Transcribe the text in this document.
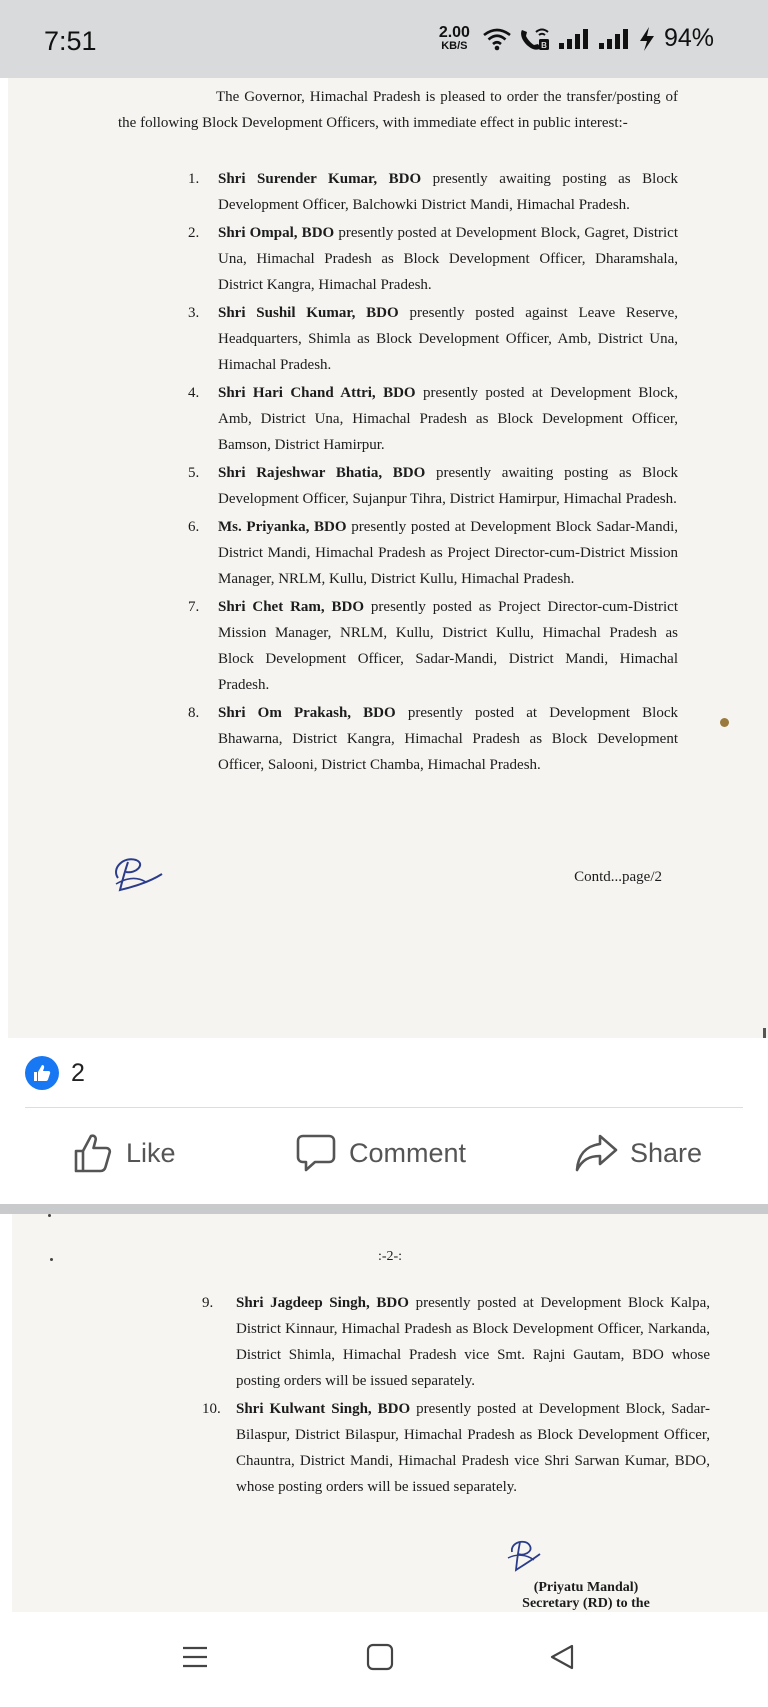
7:51	2.00
KB/S	B	94%
The Governor, Himachal Pradesh is pleased to order the transfer/posting of the following Block Development Officers, with immediate effect in public interest:-
1. Shri Surender Kumar, BDO presently awaiting posting as Block Development Officer, Balchowki District Mandi, Himachal Pradesh.
2. Shri Ompal, BDO presently posted at Development Block, Gagret, District Una, Himachal Pradesh as Block Development Officer, Dharamshala, District Kangra, Himachal Pradesh.
3. Shri Sushil Kumar, BDO presently posted against Leave Reserve, Headquarters, Shimla as Block Development Officer, Amb, District Una, Himachal Pradesh.
4. Shri Hari Chand Attri, BDO presently posted at Development Block, Amb, District Una, Himachal Pradesh as Block Development Officer, Bamson, District Hamirpur.
5. Shri Rajeshwar Bhatia, BDO presently awaiting posting as Block Development Officer, Sujanpur Tihra, District Hamirpur, Himachal Pradesh.
6. Ms. Priyanka, BDO presently posted at Development Block Sadar-Mandi, District Mandi, Himachal Pradesh as Project Director-cum-District Mission Manager, NRLM, Kullu, District Kullu, Himachal Pradesh.
7. Shri Chet Ram, BDO presently posted as Project Director-cum-District Mission Manager, NRLM, Kullu, District Kullu, Himachal Pradesh as Block Development Officer, Sadar-Mandi, District Mandi, Himachal Pradesh.
8. Shri Om Prakash, BDO presently posted at Development Block Bhawarna, District Kangra, Himachal Pradesh as Block Development Officer, Salooni, District Chamba, Himachal Pradesh.
Contd...page/2
2
Like	Comment	Share
:-2-:
9. Shri Jagdeep Singh, BDO presently posted at Development Block Kalpa, District Kinnaur, Himachal Pradesh as Block Development Officer, Narkanda, District Shimla, Himachal Pradesh vice Smt. Rajni Gautam, BDO whose posting orders will be issued separately.
10. Shri Kulwant Singh, BDO presently posted at Development Block, Sadar-Bilaspur, District Bilaspur, Himachal Pradesh as Block Development Officer, Chauntra, District Mandi, Himachal Pradesh vice Shri Sarwan Kumar, BDO, whose posting orders will be issued separately.
(Priyatu Mandal)
Secretary (RD) to the
